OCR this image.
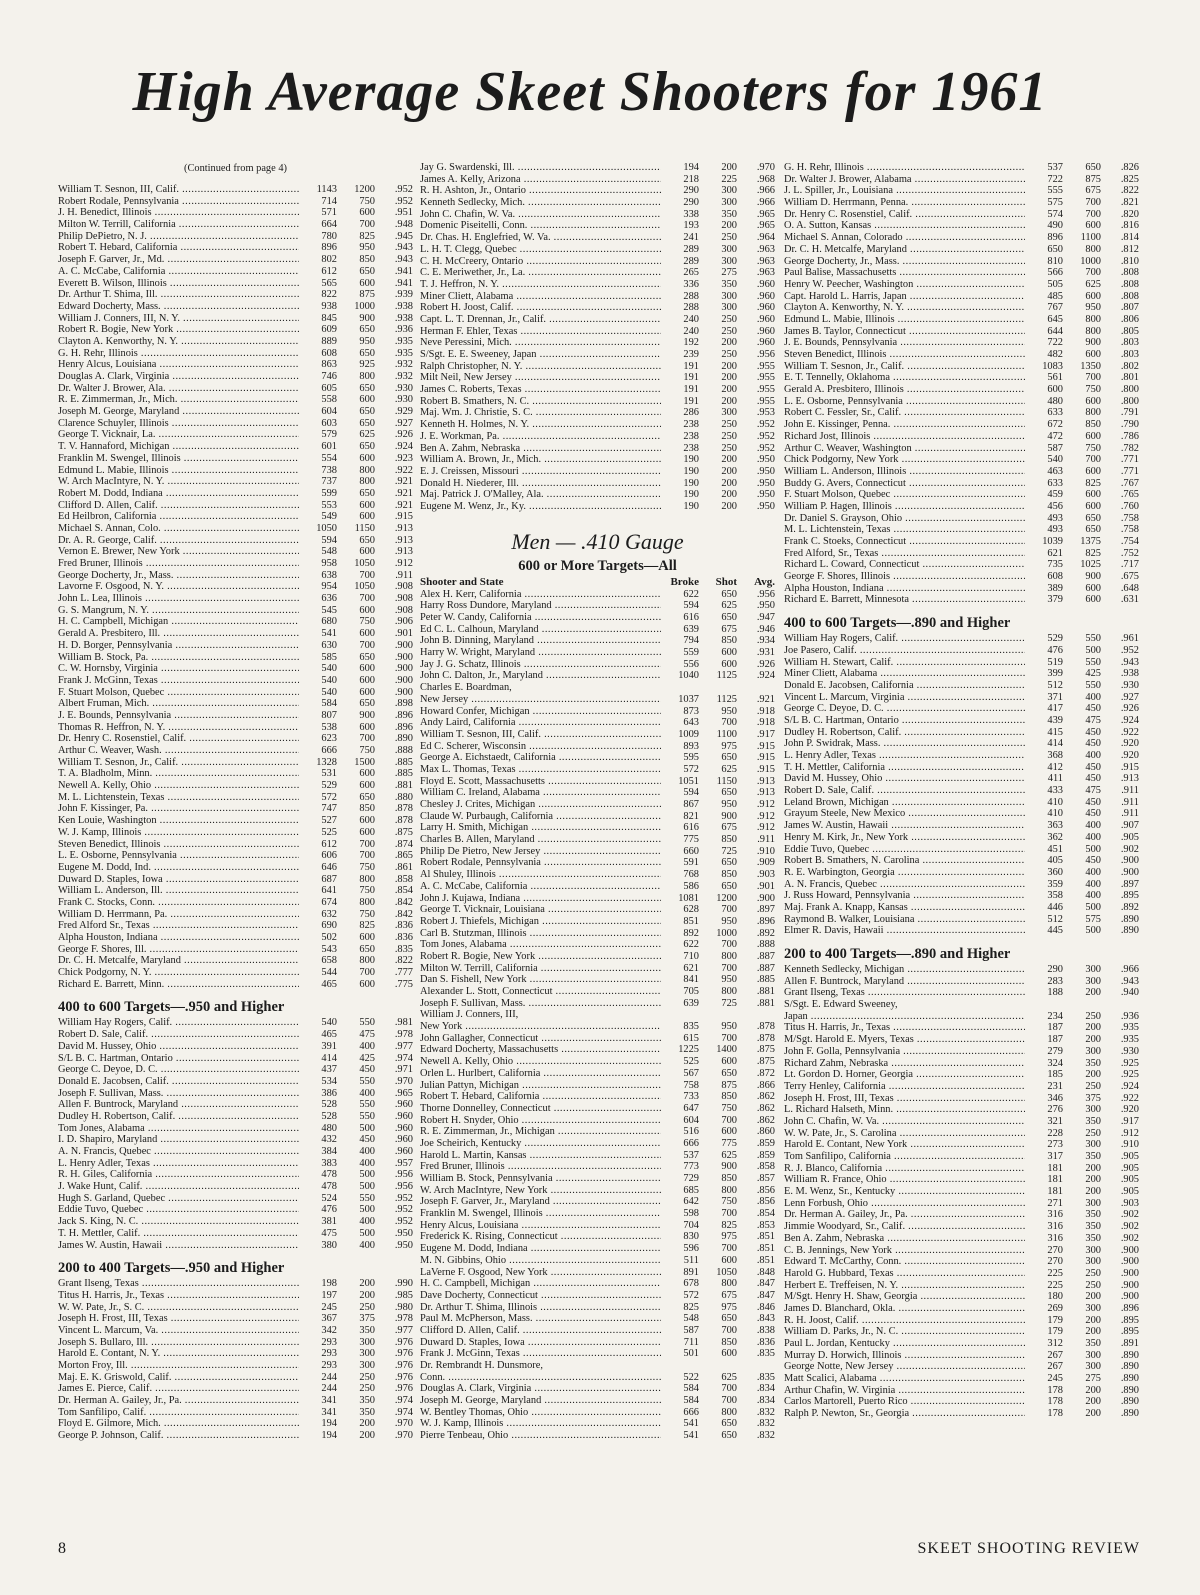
High Average Skeet Shooters for 1961
(Continued from page 4)
William T. Sesnon, III, Calif. .....	1143	1200	.952
Robert Rodale, Pennsylvania .....	714	750	.952
J. H. Benedict, Illinois .....	571	600	.951
Milton W. Terrill, California .....	664	700	.948
Philip DePietro, N. J. .....	780	825	.945
Robert T. Hebard, California .....	896	950	.943
Joseph F. Garver, Jr., Md. .....	802	850	.943
A. C. McCabe, California .....	612	650	.941
Everett B. Wilson, Illinois .....	565	600	.941
Dr. Arthur T. Shima, Ill. .....	822	875	.939
Edward Docherty, Mass. .....	938	1000	.938
William J. Conners, III, N. Y. .....	845	900	.938
Robert R. Bogie, New York .....	609	650	.936
Clayton A. Kenworthy, N. Y. .....	889	950	.935
G. H. Rehr, Illinois .....	608	650	.935
Henry Alcus, Louisiana .....	863	925	.932
Douglas A. Clark, Virginia .....	746	800	.932
Dr. Walter J. Brower, Ala. .....	605	650	.930
R. E. Zimmerman, Jr., Mich. .....	558	600	.930
Joseph M. George, Maryland .....	604	650	.929
Clarence Schuyler, Illinois .....	603	650	.927
George T. Vicknair, La. .....	579	625	.926
T. V. Hannaford, Michigan .....	601	650	.924
Franklin M. Swengel, Illinois .....	554	600	.923
Edmund L. Mabie, Illinois .....	738	800	.922
W. Arch MacIntyre, N. Y. .....	737	800	.921
Robert M. Dodd, Indiana .....	599	650	.921
Clifford D. Allen, Calif. .....	553	600	.921
Ed Heilbron, California .....	549	600	.915
Michael S. Annan, Colo. .....	1050	1150	.913
Dr. A. R. George, Calif. .....	594	650	.913
Vernon E. Brewer, New York .....	548	600	.913
Fred Bruner, Illinois .....	958	1050	.912
George Docherty, Jr., Mass. .....	638	700	.911
Lavorne F. Osgood, N. Y. .....	954	1050	.908
John L. Lea, Illinois .....	636	700	.908
G. S. Mangrum, N. Y. .....	545	600	.908
H. C. Campbell, Michigan .....	680	750	.906
Gerald A. Presbitero, Ill. .....	541	600	.901
H. D. Borger, Pennsylvania .....	630	700	.900
William B. Stock, Pa. .....	585	650	.900
C. W. Hornsby, Virginia .....	540	600	.900
Frank J. McGinn, Texas .....	540	600	.900
F. Stuart Molson, Quebec .....	540	600	.900
Albert Fruman, Mich. .....	584	650	.898
J. E. Bounds, Pennsylvania .....	807	900	.896
Thomas R. Heffron, N. Y. .....	538	600	.896
Dr. Henry C. Rosenstiel, Calif. .....	623	700	.890
Arthur C. Weaver, Wash. .....	666	750	.888
William T. Sesnon, Jr., Calif. .....	1328	1500	.885
T. A. Bladholm, Minn. .....	531	600	.885
Newell A. Kelly, Ohio .....	529	600	.881
M. L. Lichtenstein, Texas .....	572	650	.880
John F. Kissinger, Pa. .....	747	850	.878
Ken Louie, Washington .....	527	600	.878
W. J. Kamp, Illinois .....	525	600	.875
Steven Benedict, Illinois .....	612	700	.874
L. E. Osborne, Pennsylvania .....	606	700	.865
Eugene M. Dodd, Ind. .....	646	750	.861
Duward D. Staples, Iowa .....	687	800	.858
William L. Anderson, Ill. .....	641	750	.854
Frank C. Stocks, Conn. .....	674	800	.842
William D. Herrmann, Pa. .....	632	750	.842
Fred Alford Sr., Texas .....	690	825	.836
Alpha Houston, Indiana .....	502	600	.836
George F. Shores, Ill. .....	543	650	.835
Dr. C. H. Metcalfe, Maryland .....	658	800	.822
Chick Podgorny, N. Y. .....	544	700	.777
Richard E. Barrett, Minn. .....	465	600	.775
400 to 600 Targets—.950 and Higher
William Hay Rogers, Calif. .....	540	550	.981
Robert D. Sale, Calif. .....	465	475	.978
David M. Hussey, Ohio .....	391	400	.977
S/L B. C. Hartman, Ontario .....	414	425	.974
George C. Deyoe, D. C. .....	437	450	.971
Donald E. Jacobsen, Calif. .....	534	550	.970
Joseph F. Sullivan, Mass. .....	386	400	.965
Allen F. Buntrock, Maryland .....	528	550	.960
Dudley H. Robertson, Calif. .....	528	550	.960
Tom Jones, Alabama .....	480	500	.960
I. D. Shapiro, Maryland .....	432	450	.960
A. N. Francis, Quebec .....	384	400	.960
L. Henry Adler, Texas .....	383	400	.957
R. H. Giles, California .....	478	500	.956
J. Wake Hunt, Calif. .....	478	500	.956
Hugh S. Garland, Quebec .....	524	550	.952
Eddie Tuvo, Quebec .....	476	500	.952
Jack S. King, N. C. .....	381	400	.952
T. H. Mettler, Calif. .....	475	500	.950
James W. Austin, Hawaii .....	380	400	.950
200 to 400 Targets—.950 and Higher
Grant Ilseng, Texas .....	198	200	.990
Titus H. Harris, Jr., Texas .....	197	200	.985
W. W. Pate, Jr., S. C. .....	245	250	.980
Joseph H. Frost, III, Texas .....	367	375	.978
Vincent L. Marcum, Va. .....	342	350	.977
Joseph S. Bullaro, Ill. .....	293	300	.976
Harold E. Contant, N. Y. .....	293	300	.976
Morton Froy, Ill. .....	293	300	.976
Maj. E. K. Griswold, Calif. .....	244	250	.976
James E. Pierce, Calif. .....	244	250	.976
Dr. Herman A. Gailey, Jr., Pa. .....	341	350	.974
Tom Sanfilipo, Calif. .....	341	350	.974
Floyd E. Gilmore, Mich. .....	194	200	.970
George P. Johnson, Calif. .....	194	200	.970
Jay G. Swardenski, Ill. .....	194	200	.970
James A. Kelly, Arizona .....	218	225	.968
R. H. Ashton, Jr., Ontario .....	290	300	.966
Kenneth Sedlecky, Mich. .....	290	300	.966
John C. Chafin, W. Va. .....	338	350	.965
Domenic Piseitelli, Conn. .....	193	200	.965
Dr. Chas. H. Englefried, W. Va. .....	241	250	.964
L. H. T. Clegg, Quebec .....	289	300	.963
C. H. McCreery, Ontario .....	289	300	.963
C. E. Meriwether, Jr., La. .....	265	275	.963
T. J. Heffron, N. Y. .....	336	350	.960
Miner Cliett, Alabama .....	288	300	.960
Robert H. Joost, Calif. .....	288	300	.960
Capt. L. T. Drennan, Jr., Calif. .....	240	250	.960
Herman F. Ehler, Texas .....	240	250	.960
Neve Peressini, Mich. .....	192	200	.960
S/Sgt. E. E. Sweeney, Japan .....	239	250	.956
Ralph Christopher, N. Y. .....	191	200	.955
Milt Neil, New Jersey .....	191	200	.955
James C. Roberts, Texas .....	191	200	.955
Robert B. Smathers, N. C. .....	191	200	.955
Maj. Wm. J. Christie, S. C. .....	286	300	.953
Kenneth H. Holmes, N. Y. .....	238	250	.952
J. E. Workman, Pa. .....	238	250	.952
Ben A. Zahm, Nebraska .....	238	250	.952
William A. Brown, Jr., Mich. .....	190	200	.950
E. J. Creissen, Missouri .....	190	200	.950
Donald H. Niederer, Ill. .....	190	200	.950
Maj. Patrick J. O'Malley, Ala. .....	190	200	.950
Eugene M. Wenz, Jr., Ky. .....	190	200	.950
Men — .410 Gauge
600 or More Targets—All
Shooter and State	Broke	Shot	Avg.
Alex H. Kerr, California .....	622	650	.956
Harry Ross Dundore, Maryland .....	594	625	.950
Peter W. Candy, California .....	616	650	.947
Ed C. L. Calhoun, Maryland .....	639	675	.946
John B. Dinning, Maryland .....	794	850	.934
Harry W. Wright, Maryland .....	559	600	.931
Jay J. G. Schatz, Illinois .....	556	600	.926
John C. Dalton, Jr., Maryland .....	1040	1125	.924
Charles E. Boardman,
New Jersey .....	1037	1125	.921
Howard Confer, Michigan .....	873	950	.918
Andy Laird, California .....	643	700	.918
William T. Sesnon, III, Calif. .....	1009	1100	.917
Ed C. Scherer, Wisconsin .....	893	975	.915
George A. Eichstaedt, California .....	595	650	.915
Max L. Thomas, Texas .....	572	625	.915
Floyd E. Scott, Massachusetts .....	1051	1150	.913
William C. Ireland, Alabama .....	594	650	.913
Chesley J. Crites, Michigan .....	867	950	.912
Claude W. Purbaugh, California .....	821	900	.912
Larry H. Smith, Michigan .....	616	675	.912
Charles B. Allen, Maryland .....	775	850	.911
Philip De Pietro, New Jersey .....	660	725	.910
Robert Rodale, Pennsylvania .....	591	650	.909
Al Shuley, Illinois .....	768	850	.903
A. C. McCabe, California .....	586	650	.901
John J. Kujawa, Indiana .....	1081	1200	.900
George T. Vicknair, Louisiana .....	628	700	.897
Robert J. Thiefels, Michigan .....	851	950	.896
Carl B. Stutzman, Illinois .....	892	1000	.892
Tom Jones, Alabama .....	622	700	.888
Robert R. Bogie, New York .....	710	800	.887
Milton W. Terrill, California .....	621	700	.887
Dan S. Fishell, New York .....	841	950	.885
Alexander L. Stott, Connecticut .....	705	800	.881
Joseph F. Sullivan, Mass. .....	639	725	.881
William J. Conners, III,
New York .....	835	950	.878
John Gallagher, Connecticut .....	615	700	.878
Edward Docherty, Massachusetts .....	1225	1400	.875
Newell A. Kelly, Ohio .....	525	600	.875
Orlen L. Hurlbert, California .....	567	650	.872
Julian Pattyn, Michigan .....	758	875	.866
Robert T. Hebard, California .....	733	850	.862
Thorne Donnelley, Connecticut .....	647	750	.862
Robert H. Snyder, Ohio .....	604	700	.862
R. E. Zimmerman, Jr., Michigan .....	516	600	.860
Joe Scheirich, Kentucky .....	666	775	.859
Harold L. Martin, Kansas .....	537	625	.859
Fred Bruner, Illinois .....	773	900	.858
William B. Stock, Pennsylvania .....	729	850	.857
W. Arch MacIntyre, New York .....	685	800	.856
Joseph F. Garver, Jr., Maryland .....	642	750	.856
Franklin M. Swengel, Illinois .....	598	700	.854
Henry Alcus, Louisiana .....	704	825	.853
Frederick K. Rising, Connecticut .....	830	975	.851
Eugene M. Dodd, Indiana .....	596	700	.851
M. N. Gibbins, Ohio .....	511	600	.851
LaVerne F. Osgood, New York .....	891	1050	.848
H. C. Campbell, Michigan .....	678	800	.847
Dave Docherty, Connecticut .....	572	675	.847
Dr. Arthur T. Shima, Illinois .....	825	975	.846
Paul M. McPherson, Mass. .....	548	650	.843
Clifford D. Allen, Calif. .....	587	700	.838
Duward D. Staples, Iowa .....	711	850	.836
Frank J. McGinn, Texas .....	501	600	.835
Dr. Rembrandt H. Dunsmore,
Conn. .....	522	625	.835
Douglas A. Clark, Virginia .....	584	700	.834
Joseph M. George, Maryland .....	584	700	.834
W. Bentley Thomas, Ohio .....	666	800	.832
W. J. Kamp, Illinois .....	541	650	.832
Pierre Tenbeau, Ohio .....	541	650	.832
G. H. Rehr, Illinois .....	537	650	.826
Dr. Walter J. Brower, Alabama .....	722	875	.825
J. L. Spiller, Jr., Louisiana .....	555	675	.822
William D. Herrmann, Penna. .....	575	700	.821
Dr. Henry C. Rosenstiel, Calif. .....	574	700	.820
O. A. Sutton, Kansas .....	490	600	.816
Michael S. Annan, Colorado .....	896	1100	.814
Dr. C. H. Metcalfe, Maryland .....	650	800	.812
George Docherty, Jr., Mass. .....	810	1000	.810
Paul Balise, Massachusetts .....	566	700	.808
Henry W. Peecher, Washington .....	505	625	.808
Capt. Harold L. Harris, Japan .....	485	600	.808
Clayton A. Kenworthy, N. Y. .....	767	950	.807
Edmund L. Mabie, Illinois .....	645	800	.806
James B. Taylor, Connecticut .....	644	800	.805
J. E. Bounds, Pennsylvania .....	722	900	.803
Steven Benedict, Illinois .....	482	600	.803
William T. Sesnon, Jr., Calif. .....	1083	1350	.802
E. T. Tennelly, Oklahoma .....	561	700	.801
Gerald A. Presbitero, Illinois .....	600	750	.800
L. E. Osborne, Pennsylvania .....	480	600	.800
Robert C. Fessler, Sr., Calif. .....	633	800	.791
John E. Kissinger, Penna. .....	672	850	.790
Richard Jost, Illinois .....	472	600	.786
Arthur C. Weaver, Washington .....	587	750	.782
Chick Podgorny, New York .....	540	700	.771
William L. Anderson, Illinois .....	463	600	.771
Buddy G. Avers, Connecticut .....	633	825	.767
F. Stuart Molson, Quebec .....	459	600	.765
William P. Hagen, Illinois .....	456	600	.760
Dr. Daniel S. Grayson, Ohio .....	493	650	.758
M. L. Lichtenstein, Texas .....	493	650	.758
Frank C. Stoeks, Connecticut .....	1039	1375	.754
Fred Alford, Sr., Texas .....	621	825	.752
Richard L. Coward, Connecticut .....	735	1025	.717
George F. Shores, Illinois .....	608	900	.675
Alpha Houston, Indiana .....	389	600	.648
Richard E. Barrett, Minnesota .....	379	600	.631
400 to 600 Targets—.890 and Higher
William Hay Rogers, Calif. .....	529	550	.961
Joe Pasero, Calif. .....	476	500	.952
William H. Stewart, Calif. .....	519	550	.943
Miner Cliett, Alabama .....	399	425	.938
Donald E. Jacobsen, California .....	512	550	.930
Vincent L. Marcum, Virginia .....	371	400	.927
George C. Deyoe, D. C. .....	417	450	.926
S/L B. C. Hartman, Ontario .....	439	475	.924
Dudley H. Robertson, Calif. .....	415	450	.922
John P. Swidrak, Mass. .....	414	450	.920
L. Henry Adler, Texas .....	368	400	.920
T. H. Mettler, California .....	412	450	.915
David M. Hussey, Ohio .....	411	450	.913
Robert D. Sale, Calif. .....	433	475	.911
Leland Brown, Michigan .....	410	450	.911
Grayum Steele, New Mexico .....	410	450	.911
James W. Austin, Hawaii .....	363	400	.907
Henry M. Kirk, Jr., New York .....	362	400	.905
Eddie Tuvo, Quebec .....	451	500	.902
Robert B. Smathers, N. Carolina .....	405	450	.900
R. E. Warbington, Georgia .....	360	400	.900
A. N. Francis, Quebec .....	359	400	.897
J. Russ Howard, Pennsylvania .....	358	400	.895
Maj. Frank A. Knapp, Kansas .....	446	500	.892
Raymond B. Walker, Louisiana .....	512	575	.890
Elmer R. Davis, Hawaii .....	445	500	.890
200 to 400 Targets—.890 and Higher
Kenneth Sedlecky, Michigan .....	290	300	.966
Allen F. Buntrock, Maryland .....	283	300	.943
Grant Ilseng, Texas .....	188	200	.940
S/Sgt. E. Edward Sweeney,
Japan .....	234	250	.936
Titus H. Harris, Jr., Texas .....	187	200	.935
M/Sgt. Harold E. Myers, Texas .....	187	200	.935
John F. Golla, Pennsylvania .....	279	300	.930
Richard Zahm, Nebraska .....	324	350	.925
Lt. Gordon D. Horner, Georgia .....	185	200	.925
Terry Henley, California .....	231	250	.924
Joseph H. Frost, III, Texas .....	346	375	.922
L. Richard Halseth, Minn. .....	276	300	.920
John C. Chafin, W. Va. .....	321	350	.917
W. W. Pate, Jr., S. Carolina .....	228	250	.912
Harold E. Contant, New York .....	273	300	.910
Tom Sanfilipo, California .....	317	350	.905
R. J. Blanco, California .....	181	200	.905
William R. France, Ohio .....	181	200	.905
E. M. Wenz, Sr., Kentucky .....	181	200	.905
Lenn Forbush, Ohio .....	271	300	.903
Dr. Herman A. Gailey, Jr., Pa. .....	316	350	.902
Jimmie Woodyard, Sr., Calif. .....	316	350	.902
Ben A. Zahm, Nebraska .....	316	350	.902
C. B. Jennings, New York .....	270	300	.900
Edward T. McCarthy, Conn. .....	270	300	.900
Harold G. Hubbard, Texas .....	225	250	.900
Herbert E. Treffeisen, N. Y. .....	225	250	.900
M/Sgt. Henry H. Shaw, Georgia .....	180	200	.900
James D. Blanchard, Okla. .....	269	300	.896
R. H. Joost, Calif. .....	179	200	.895
William D. Parks, Jr., N. C. .....	179	200	.895
Paul L. Jordan, Kentucky .....	312	350	.891
Murray D. Horwich, Illinois .....	267	300	.890
George Notte, New Jersey .....	267	300	.890
Matt Scalici, Alabama .....	245	275	.890
Arthur Chafin, W. Virginia .....	178	200	.890
Carlos Martorell, Puerto Rico .....	178	200	.890
Ralph P. Newton, Sr., Georgia .....	178	200	.890
8	SKEET SHOOTING REVIEW
